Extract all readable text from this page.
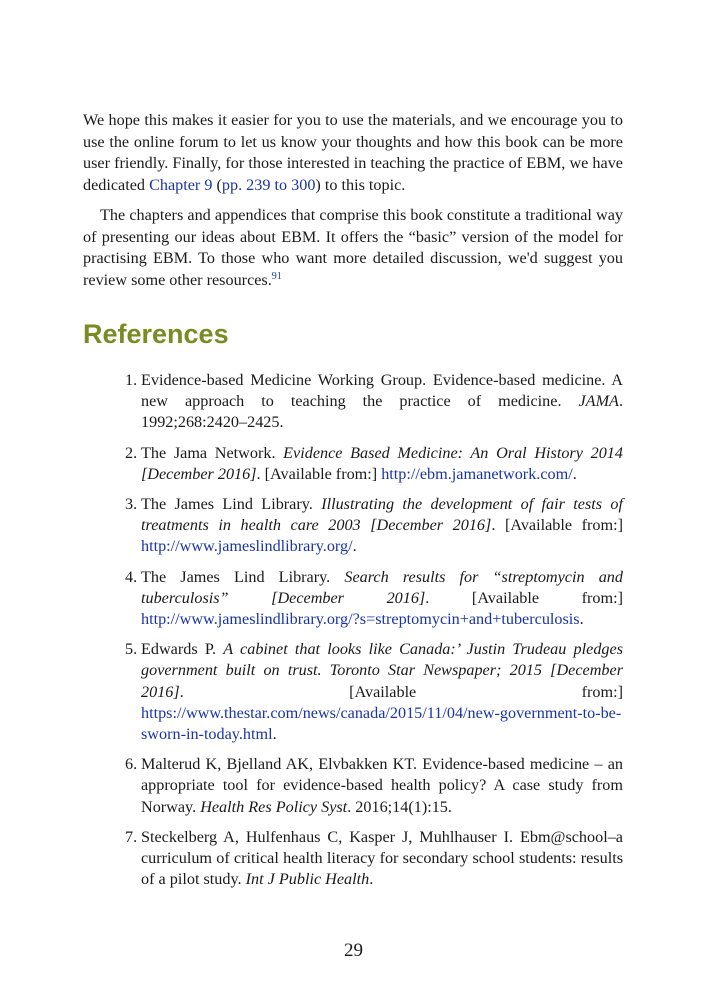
We hope this makes it easier for you to use the materials, and we encourage you to use the online forum to let us know your thoughts and how this book can be more user friendly. Finally, for those interested in teaching the practice of EBM, we have dedicated Chapter 9 (pp. 239 to 300) to this topic.

The chapters and appendices that comprise this book constitute a traditional way of presenting our ideas about EBM. It offers the “basic” version of the model for practising EBM. To those who want more detailed discussion, we'd suggest you review some other resources.$^{91}$

References
1. Evidence-based Medicine Working Group. Evidence-based medicine. A new approach to teaching the practice of medicine. JAMA. 1992;268:2420–2425.
2. The Jama Network. Evidence Based Medicine: An Oral History 2014 [December 2016]. [Available from:] http://ebm.jamanetwork.com/.
3. The James Lind Library. Illustrating the development of fair tests of treatments in health care 2003 [December 2016]. [Available from:] http://www.jameslindlibrary.org/.
4. The James Lind Library. Search results for “streptomycin and tuberculosis” [December 2016]. [Available from:] http://www.jameslindlibrary.org/?s=streptomycin+and+tuberculosis.
5. Edwards P. A cabinet that looks like Canada:’ Justin Trudeau pledges government built on trust. Toronto Star Newspaper; 2015 [December 2016]. [Available from:] https://www.thestar.com/news/canada/2015/11/04/new-government-to-be-sworn-in-today.html.
6. Malterud K, Bjelland AK, Elvbakken KT. Evidence-based medicine – an appropriate tool for evidence-based health policy? A case study from Norway. Health Res Policy Syst. 2016;14(1):15.
7. Steckelberg A, Hulfenhaus C, Kasper J, Muhlhauser I. Ebm@school–a curriculum of critical health literacy for secondary school students: results of a pilot study. Int J Public Health.
29
